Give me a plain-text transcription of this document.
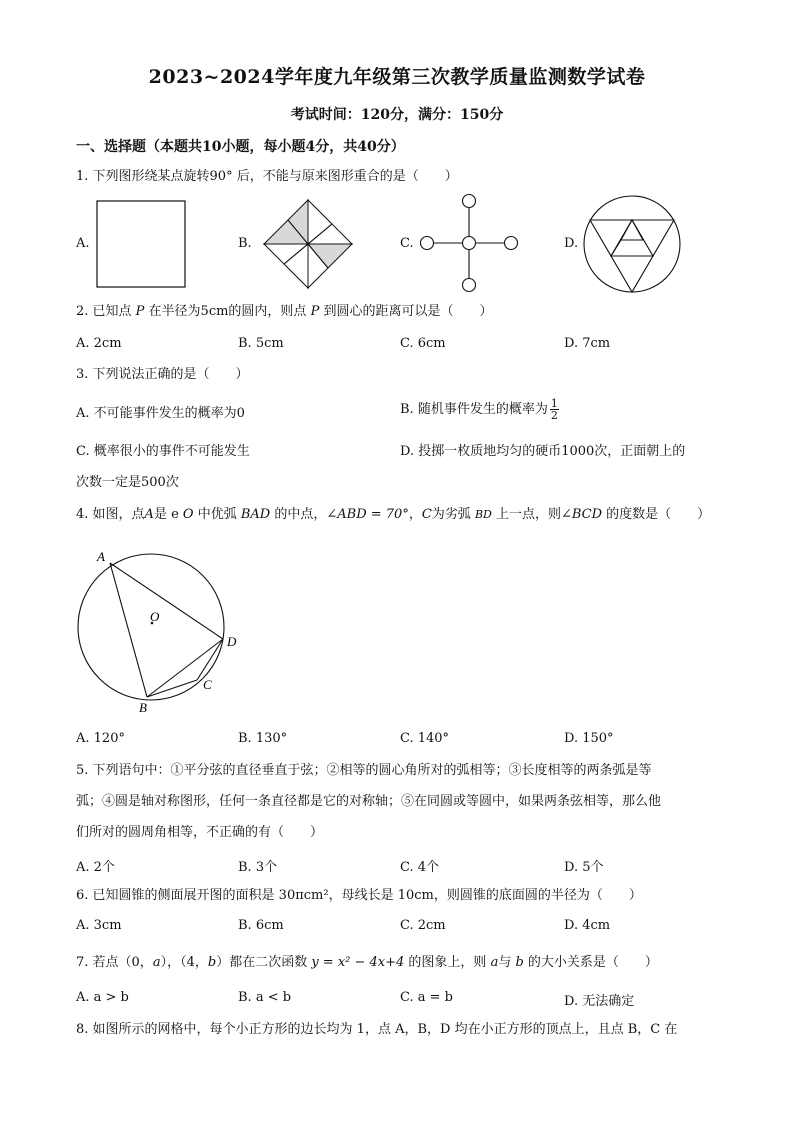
2023~2024学年度九年级第三次教学质量监测数学试卷
考试时间：120分，满分：150分
一、选择题（本题共10小题，每小题4分，共40分）
1. 下列图形绕某点旋转90° 后，不能与原来图形重合的是（　　）
A.	B.	C.	D.
2. 已知点 P 在半径为5cm的圆内，则点 P 到圆心的距离可以是（　　）
A. 2cm	B. 5cm	C. 6cm	D. 7cm
3. 下列说法正确的是（　　）
A. 不可能事件发生的概率为0	B. 随机事件发生的概率为 $\frac{1}{2}$
C. 概率很小的事件不可能发生	D. 投掷一枚质地均匀的硬币1000次，正面朝上的
次数一定是500次
4. 如图，点A是 e O 中优弧 BAD 的中点，∠ABD = 70°，C为劣弧 BD 上一点，则∠BCD 的度数是（　　）
A
O
D
C
B
A. 120°	B. 130°	C. 140°	D. 150°
5. 下列语句中：①平分弦的直径垂直于弦；②相等的圆心角所对的弧相等；③长度相等的两条弧是等
弧；④圆是轴对称图形，任何一条直径都是它的对称轴；⑤在同圆或等圆中，如果两条弦相等，那么他
们所对的圆周角相等，不正确的有（　　）
A. 2个	B. 3个	C. 4个	D. 5个
6. 已知圆锥的侧面展开图的面积是 30πcm²，母线长是 10cm，则圆锥的底面圆的半径为（　　）
A. 3cm	B. 6cm	C. 2cm	D. 4cm
7. 若点（0，a），（4，b）都在二次函数 y = x² − 4x+4 的图象上，则 a与 b 的大小关系是（　　）
A. a > b	B. a < b	C. a = b	D. 无法确定
8. 如图所示的网格中，每个小正方形的边长均为 1，点 A，B，D 均在小正方形的顶点上，且点 B，C 在
